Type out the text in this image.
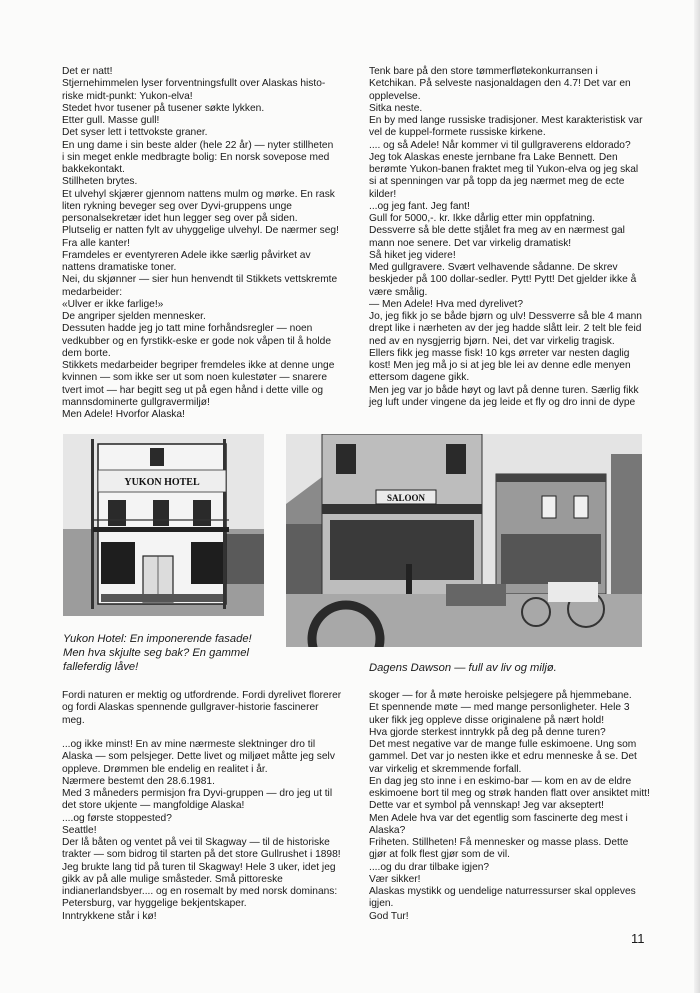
Det er natt!

Stjernehimmelen lyser forventningsfullt over Alaskas histo-

riske midt-punkt: Yukon-elva!

Stedet hvor tusener på tusener søkte lykken.

Etter gull. Masse gull!

Det syser lett i tettvokste graner.

En ung dame i sin beste alder (hele 22 år) — nyter stillheten

i sin meget enkle medbragte bolig: En norsk sovepose med

bakkekontakt.

Stillheten brytes.

Et ulvehyl skjærer gjennom nattens mulm og mørke. En rask

liten rykning beveger seg over Dyvi-gruppens unge

personalsekretær idet hun legger seg over på siden.

Plutselig er natten fylt av uhyggelige ulvehyl. De nærmer seg!

Fra alle kanter!

Framdeles er eventyreren Adele ikke særlig påvirket av

nattens dramatiske toner.

Nei, du skjønner — sier hun henvendt til Stikkets vettskremte

medarbeider:

«Ulver er ikke farlige!»

De angriper sjelden mennesker.

Dessuten hadde jeg jo tatt mine forhåndsregler — noen

vedkubber og en fyrstikk-eske er gode nok våpen til å holde

dem borte.

Stikkets medarbeider begriper fremdeles ikke at denne unge

kvinnen — som ikke ser ut som noen kulestøter — snarere

tvert imot — har begitt seg ut på egen hånd i dette ville og

mannsdominerte gullgravermiljø!

Men Adele! Hvorfor Alaska!

Tenk bare på den store tømmerfløtekonkurransen i

Ketchikan. På selveste nasjonaldagen den 4.7! Det var en

opplevelse.

Sitka neste.

En by med lange russiske tradisjoner. Mest karakteristisk var

vel de kuppel-formete russiske kirkene.

.... og så Adele! Når kommer vi til gullgraverens eldorado?

Jeg tok Alaskas eneste jernbane fra Lake Bennett. Den

berømte Yukon-banen fraktet meg til Yukon-elva og jeg skal

si at spenningen var på topp da jeg nærmet meg de ecte

kilder!

...og jeg fant. Jeg fant!

Gull for 5000,-. kr. Ikke dårlig etter min oppfatning.

Dessverre så ble dette stjålet fra meg av en nærmest gal

mann noe senere. Det var virkelig dramatisk!

Så hiket jeg videre!

Med gullgravere. Svært velhavende sådanne. De skrev

beskjeder på 100 dollar-sedler. Pytt! Pytt! Det gjelder ikke å

være smålig.

— Men Adele! Hva med dyrelivet?

Jo, jeg fikk jo se både bjørn og ulv! Dessverre så ble 4 mann

drept like i nærheten av der jeg hadde slått leir. 2 telt ble feid

ned av en nysgjerrig bjørn. Nei, det var virkelig tragisk.

Ellers fikk jeg masse fisk! 10 kgs ørreter var nesten daglig

kost! Men jeg må jo si at jeg ble lei av denne edle menyen

ettersom dagene gikk.

Men jeg var jo både høyt og lavt på denne turen. Særlig fikk

jeg luft under vingene da jeg leide et fly og dro inni de dype

YUKON HOTEL
SALOON

Yukon Hotel: En imponerende fasade!

Men hva skjulte seg bak? En gammel

falleferdig låve!	Dagens Dawson — full av liv og miljø.

Fordi naturen er mektig og utfordrende. Fordi dyrelivet florerer

og fordi Alaskas spennende gullgraver-historie fascinerer

meg.

...og ikke minst! En av mine nærmeste slektninger dro til

Alaska — som pelsjeger. Dette livet og miljøet måtte jeg selv

oppleve. Drømmen ble endelig en realitet i år.

Nærmere bestemt den 28.6.1981.

Med 3 måneders permisjon fra Dyvi-gruppen — dro jeg ut til

det store ukjente — mangfoldige Alaska!

....og første stoppested?

Seattle!

Der lå båten og ventet på vei til Skagway — til de historiske

trakter — som bidrog til starten på det store Gullrushet i 1898!

Jeg brukte lang tid på turen til Skagway! Hele 3 uker, idet jeg

gikk av på alle mulige småsteder. Små pittoreske

indianerlandsbyer.... og en rosemalt by med norsk dominans:

Petersburg, var hyggelige bekjentskaper.

Inntrykkene står i kø!

skoger — for å møte heroiske pelsjegere på hjemmebane.

Et spennende møte — med mange personligheter. Hele 3

uker fikk jeg oppleve disse originalene på nært hold!

Hva gjorde sterkest inntrykk på deg på denne turen?

Det mest negative var de mange fulle eskimoene. Ung som

gammel. Det var jo nesten ikke et edru menneske å se. Det

var virkelig et skremmende forfall.

En dag jeg sto inne i en eskimo-bar — kom en av de eldre

eskimoene bort til meg og strøk handen flatt over ansiktet mitt!

Dette var et symbol på vennskap! Jeg var akseptert!

Men Adele hva var det egentlig som fascinerte deg mest i

Alaska?

Friheten. Stillheten! Få mennesker og masse plass. Dette

gjør at folk flest gjør som de vil.

....og du drar tilbake igjen?

Vær sikker!

Alaskas mystikk og uendelige naturressurser skal oppleves

igjen.

God Tur!

11
